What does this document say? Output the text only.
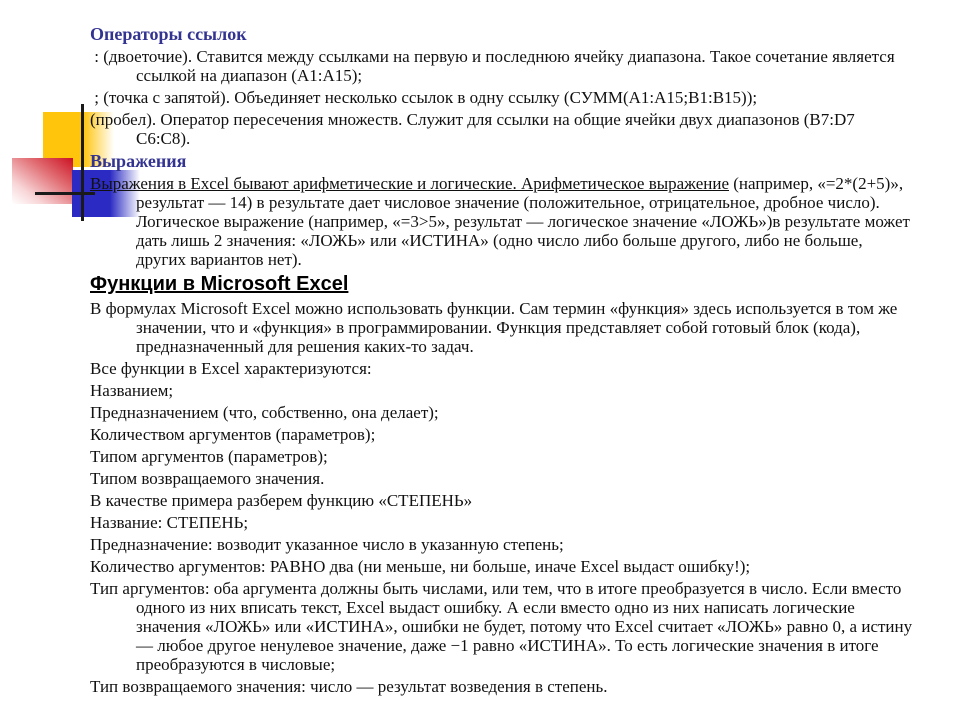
Операторы ссылок

: (двоеточие). Ставится между ссылками на первую и последнюю ячейку диапазона. Такое сочетание является ссылкой на диапазон (А1:А15);

; (точка с запятой). Объединяет несколько ссылок в одну ссылку (СУММ(А1:А15;В1:В15));

(пробел). Оператор пересечения множеств. Служит для ссылки на общие ячейки двух диапазонов (В7:D7  С6:С8).

Выражения

Выражения в Excel бывают арифметические и логические. Арифметическое выражение (например, «=2*(2+5)», результат — 14) в результате дает числовое значение (положительное, отрицательное, дробное число). Логическое выражение (например, «=3>5», результат — логическое значение «ЛОЖЬ»)в результате может дать лишь 2 значения: «ЛОЖЬ» или «ИСТИНА» (одно число либо больше другого, либо не больше, других вариантов нет).

Функции в Microsoft Excel

В формулах Microsoft Excel можно использовать функции. Сам термин «функция» здесь используется в том же значении, что и «функция» в программировании. Функция представляет собой готовый блок (кода), предназначенный для решения каких-то задач.

Все функции в Excel характеризуются:

Названием;

Предназначением (что, собственно, она делает);

Количеством аргументов (параметров);

Типом аргументов (параметров);

Типом возвращаемого значения.

В качестве примера разберем функцию «СТЕПЕНЬ»

Название: СТЕПЕНЬ;

Предназначение: возводит указанное число в указанную степень;

Количество аргументов: РАВНО два (ни меньше, ни больше, иначе Excel выдаст ошибку!);

Тип аргументов: оба аргумента должны быть числами, или тем, что в итоге преобразуется в число. Если вместо одного из них вписать текст, Excel выдаст ошибку. А если вместо одно из них написать логические значения «ЛОЖЬ» или «ИСТИНА», ошибки не будет, потому что Excel считает «ЛОЖЬ» равно 0, а истину — любое другое ненулевое значение, даже −1 равно «ИСТИНА». То есть логические значения в итоге преобразуются в числовые;

Тип возвращаемого значения: число — результат возведения в степень.
